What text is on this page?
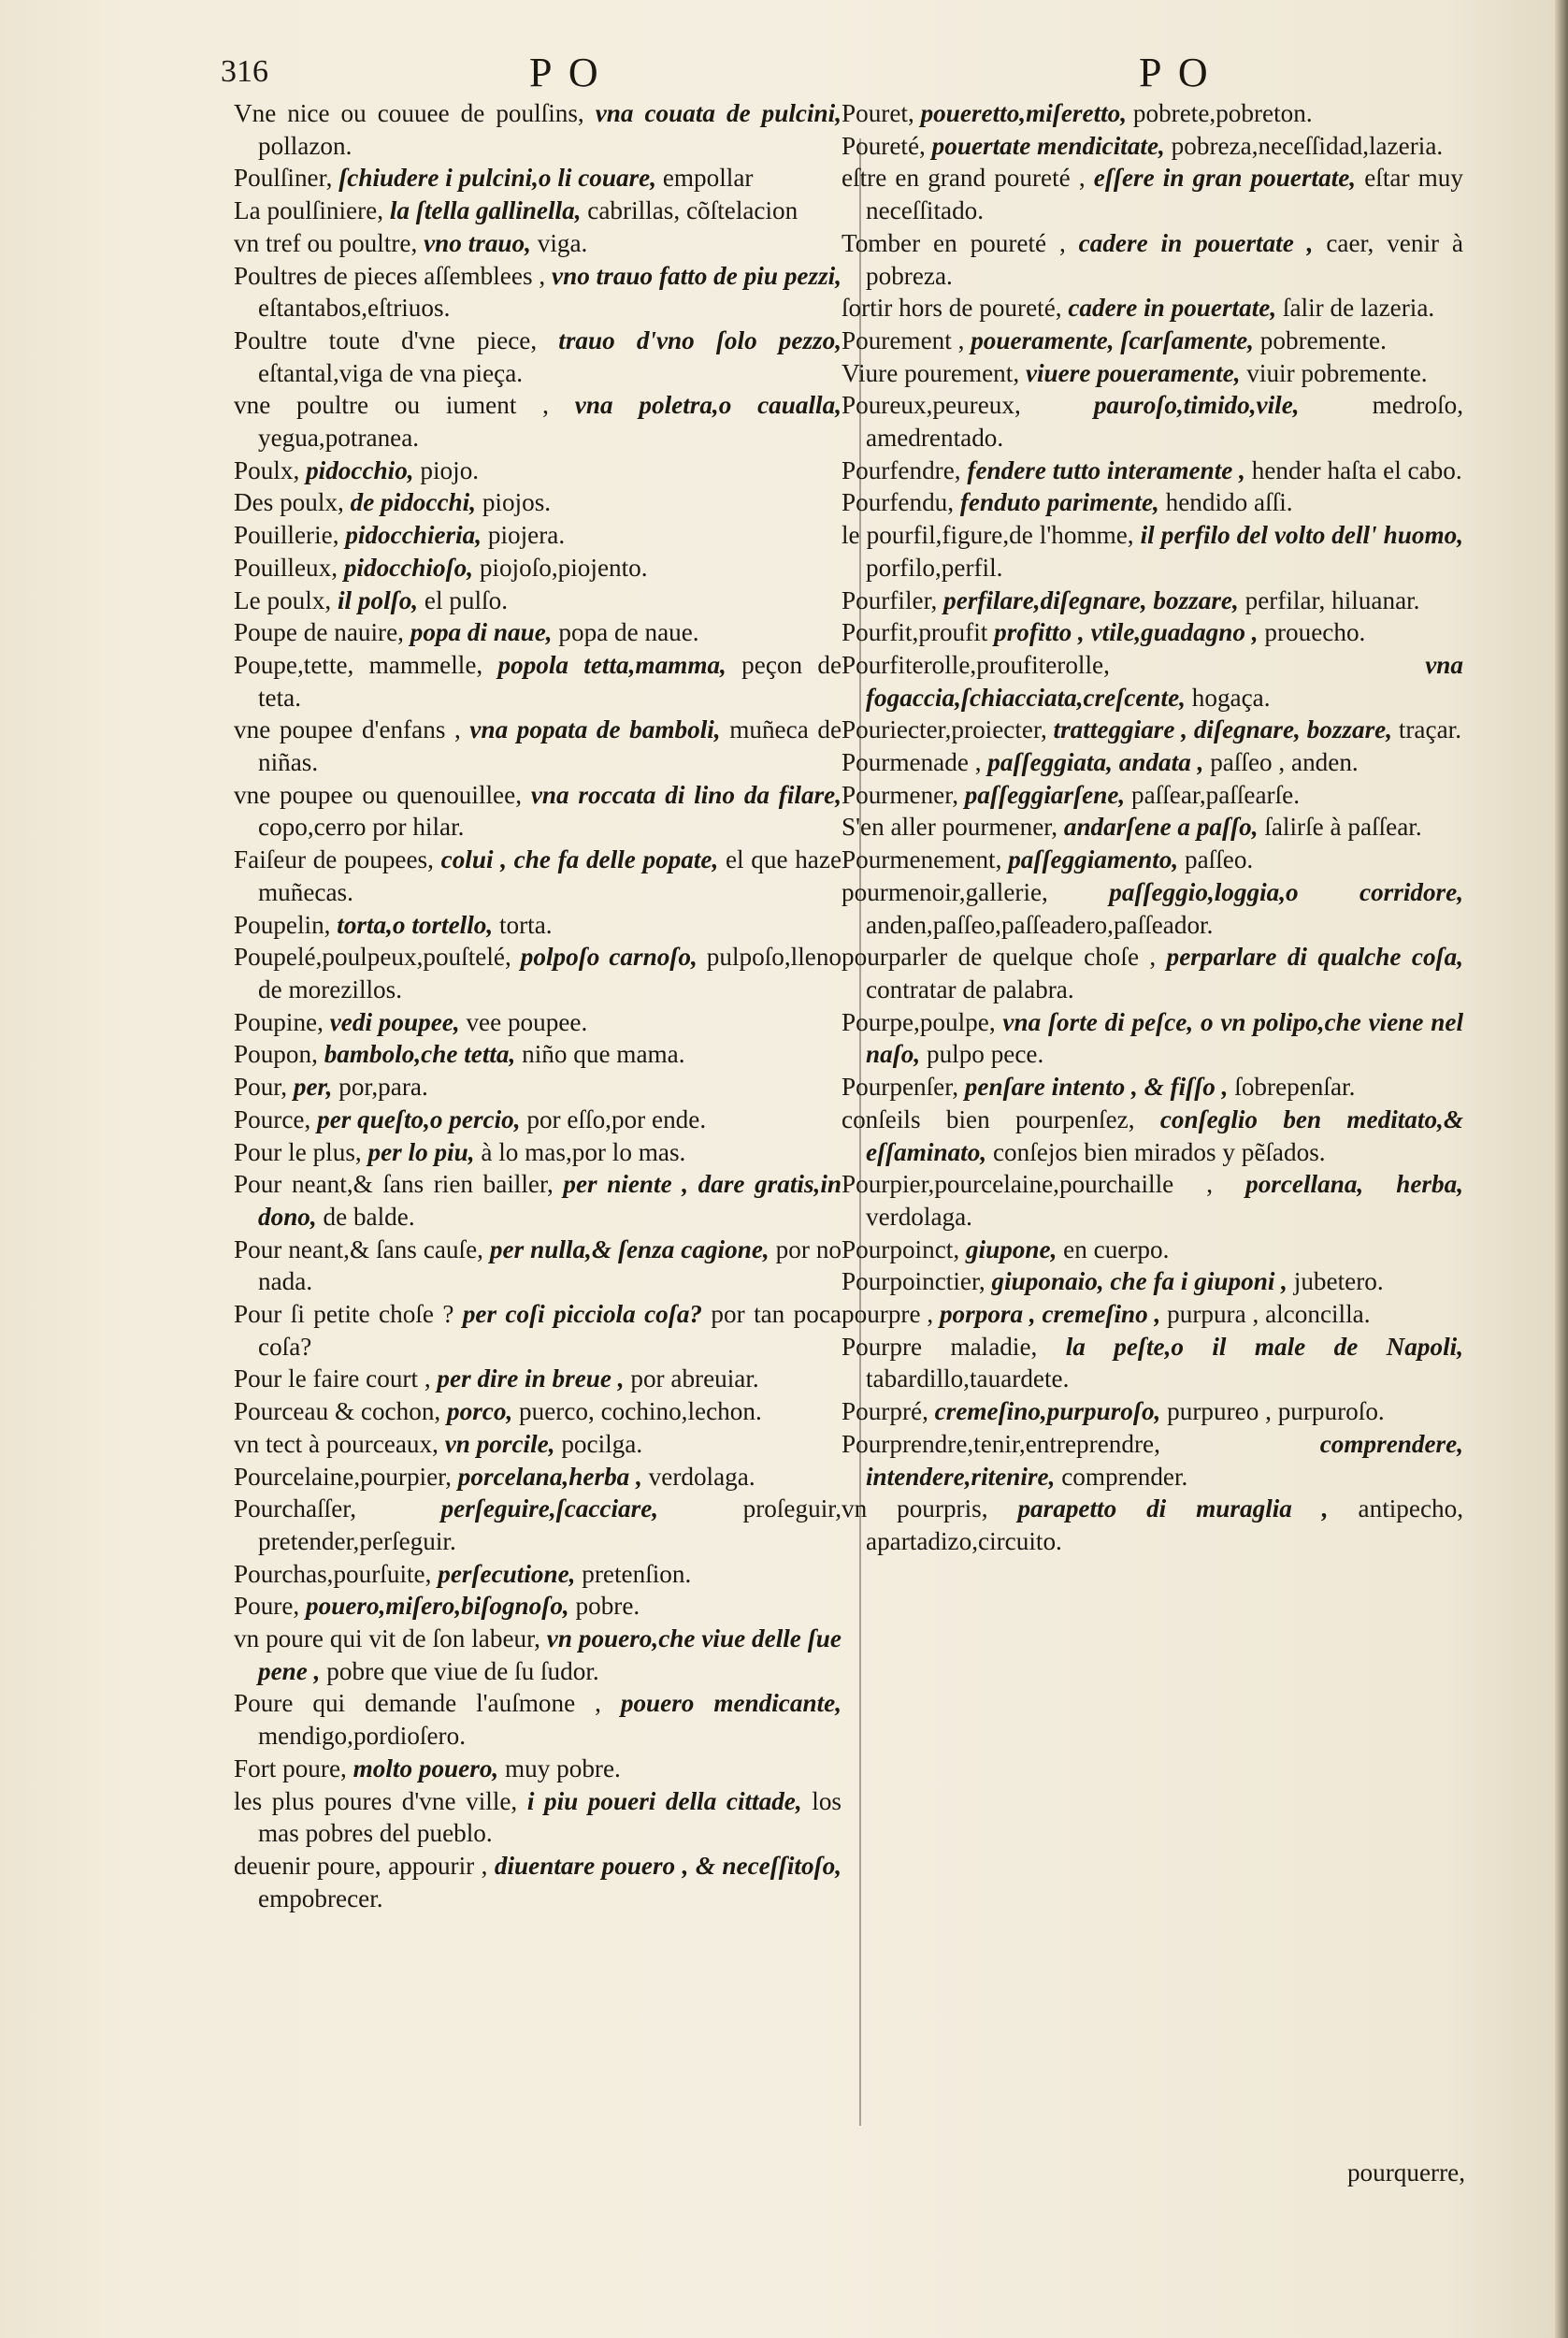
316	P O	P O

Vne nice ou couuee de poulſins, vna couata de pulcini, pollazon.

Poulſiner, ſchiudere i pulcini,o li couare, empollar

La poulſiniere, la ſtella gallinella, cabrillas, cõſtelacion

vn tref ou poultre, vno trauo, viga.

Poultres de pieces aſſemblees , vno trauo fatto de piu pezzi, eſtantabos,eſtriuos.

Poultre toute d'vne piece, trauo d'vno ſolo pezzo, eſtantal,viga de vna pieça.

vne poultre ou iument , vna poletra,o caualla, yegua,potranea.

Poulx, pidocchio, piojo.

Des poulx, de pidocchi, piojos.

Pouillerie, pidocchieria, piojera.

Pouilleux, pidocchioſo, piojoſo,piojento.

Le poulx, il polſo, el pulſo.

Poupe de nauire, popa di naue, popa de naue.

Poupe,tette, mammelle, popola tetta,mamma, peçon de teta.

vne poupee d'enfans , vna popata de bamboli, muñeca de niñas.

vne poupee ou quenouillee, vna roccata di lino da filare, copo,cerro por hilar.

Faiſeur de poupees, colui , che fa delle popate, el que haze muñecas.

Poupelin, torta,o tortello, torta.

Poupelé,poulpeux,pouſtelé, polpoſo carnoſo, pulpoſo,lleno de morezillos.

Poupine, vedi poupee, vee poupee.

Poupon, bambolo,che tetta, niño que mama.

Pour, per, por,para.

Pource, per queſto,o percio, por eſſo,por ende.

Pour le plus, per lo piu, à lo mas,por lo mas.

Pour neant,& ſans rien bailler, per niente , dare gratis,in dono, de balde.

Pour neant,& ſans cauſe, per nulla,& ſenza cagione, por no nada.

Pour ſi petite choſe ? per coſi picciola coſa? por tan poca coſa?

Pour le faire court , per dire in breue , por abreuiar.

Pourceau & cochon, porco, puerco, cochino,lechon.

vn tect à pourceaux, vn porcile, pocilga.

Pourcelaine,pourpier, porcelana,herba , verdolaga.

Pourchaſſer,	perſeguire,ſcacciare,	proſeguir, pretender,perſeguir.

Pourchas,pourſuite, perſecutione, pretenſion.

Poure, pouero,miſero,biſognoſo, pobre.

vn poure qui vit de ſon labeur, vn pouero,che viue delle ſue pene , pobre que viue de ſu ſudor.

Poure qui demande l'auſmone , pouero mendicante, mendigo,pordioſero.

Fort poure, molto pouero, muy pobre.

les plus poures d'vne ville, i piu poueri della cittade, los mas pobres del pueblo.

deuenir poure, appourir , diuentare pouero , & neceſſitoſo, empobrecer.

Pouret, poueretto,miſeretto, pobrete,pobreton.

Poureté, pouertate mendicitate, pobreza,neceſſidad,lazeria.

eſtre en grand poureté , eſſere in gran pouertate, eſtar muy neceſſitado.

Tomber en poureté , cadere in pouertate , caer, venir à pobreza.

ſortir hors de poureté, cadere in pouertate, ſalir de lazeria.

Pourement , poueramente, ſcarſamente, pobremente.

Viure pourement, viuere poueramente, viuir pobremente.

Poureux,peureux,	pauroſo,timido,vile,	medroſo, amedrentado.

Pourfendre, fendere tutto interamente , hender haſta el cabo.

Pourfendu, fenduto parimente, hendido aſſi.

le pourfil,figure,de l'homme, il perfilo del volto dell' huomo, porfilo,perfil.

Pourfiler, perfilare,diſegnare, bozzare, perfilar, hiluanar.

Pourfit,proufit profitto , vtile,guadagno , prouecho.

Pourfiterolle,proufiterolle,	vna fogaccia,ſchiacciata,creſcente, hogaça.

Pouriecter,proiecter, tratteggiare , diſegnare, bozzare, traçar.

Pourmenade , paſſeggiata, andata , paſſeo , anden.

Pourmener, paſſeggiarſene, paſſear,paſſearſe.

S'en aller pourmener, andarſene a paſſo, ſalirſe à paſſear.

Pourmenement, paſſeggiamento, paſſeo.

pourmenoir,gallerie, paſſeggio,loggia,o corridore, anden,paſſeo,paſſeadero,paſſeador.

pourparler de quelque choſe , perparlare di qualche coſa, contratar de palabra.

Pourpe,poulpe, vna ſorte di peſce, o vn polipo,che viene nel naſo, pulpo pece.

Pourpenſer, penſare intento , & fiſſo , ſobrepenſar.

conſeils bien pourpenſez, conſeglio ben meditato,& eſſaminato, conſejos bien mirados y pẽſados.

Pourpier,pourcelaine,pourchaille , porcellana, herba, verdolaga.

Pourpoinct, giupone, en cuerpo.

Pourpoinctier, giuponaio, che fa i giuponi , jubetero.

pourpre , porpora , cremeſino , purpura , alconcilla.

Pourpre maladie, la peſte,o il male de Napoli, tabardillo,tauardete.

Pourpré, cremeſino,purpuroſo, purpureo , purpuroſo.

Pourprendre,tenir,entreprendre,	comprendere, intendere,ritenire, comprender.

vn pourpris, parapetto di muraglia , antipecho, apartadizo,circuito.

pourquerre,
